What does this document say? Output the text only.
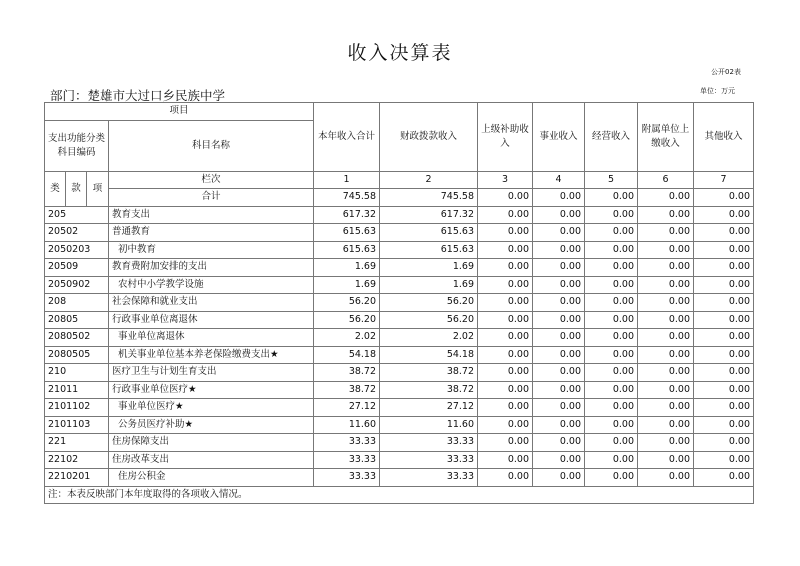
收入决算表
公开02表
单位：万元
部门：楚雄市大过口乡民族中学
项目				本年收入合计	财政拨款收入	上级补助收入	事业收入	经营收入	附属单位上缴收入	其他收入
支出功能分类科目编码			科目名称							

类	款	项	栏次	1	2	3	4	5	6	7
			合计	745.58	745.58	0.00	0.00	0.00	0.00	0.00
205			教育支出	617.32	617.32	0.00	0.00	0.00	0.00	0.00
20502			普通教育	615.63	615.63	0.00	0.00	0.00	0.00	0.00
2050203			初中教育	615.63	615.63	0.00	0.00	0.00	0.00	0.00
20509			教育费附加安排的支出	1.69	1.69	0.00	0.00	0.00	0.00	0.00
2050902			农村中小学教学设施	1.69	1.69	0.00	0.00	0.00	0.00	0.00
208			社会保障和就业支出	56.20	56.20	0.00	0.00	0.00	0.00	0.00
20805			行政事业单位离退休	56.20	56.20	0.00	0.00	0.00	0.00	0.00
2080502			事业单位离退休	2.02	2.02	0.00	0.00	0.00	0.00	0.00
2080505			机关事业单位基本养老保险缴费支出★	54.18	54.18	0.00	0.00	0.00	0.00	0.00
210			医疗卫生与计划生育支出	38.72	38.72	0.00	0.00	0.00	0.00	0.00
21011			行政事业单位医疗★	38.72	38.72	0.00	0.00	0.00	0.00	0.00
2101102			事业单位医疗★	27.12	27.12	0.00	0.00	0.00	0.00	0.00
2101103			公务员医疗补助★	11.60	11.60	0.00	0.00	0.00	0.00	0.00
221			住房保障支出	33.33	33.33	0.00	0.00	0.00	0.00	0.00
22102			住房改革支出	33.33	33.33	0.00	0.00	0.00	0.00	0.00
2210201			住房公积金	33.33	33.33	0.00	0.00	0.00	0.00	0.00
注：本表反映部门本年度取得的各项收入情况。										
